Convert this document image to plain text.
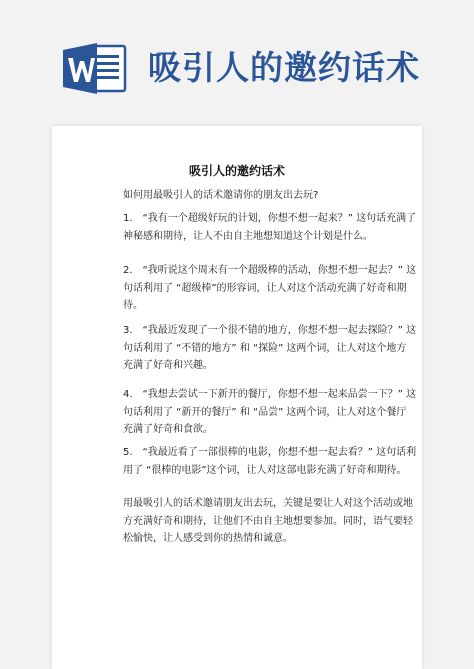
吸引人的邀约话术
吸引人的邀约话术

如何用最吸引人的话术邀请你的朋友出去玩?

1.　“我有一个超级好玩的计划，你想不想一起来？” 这句话充满了
神秘感和期待，让人不由自主地想知道这个计划是什么。

2.　“我听说这个周末有一个超级棒的活动，你想不想一起去？” 这
句话利用了 “超级棒”的形容词，让人对这个活动充满了好奇和期
待。

3.　“我最近发现了一个很不错的地方，你想不想一起去探险？” 这
句话利用了 “不错的地方” 和 “探险” 这两个词，让人对这个地方
充满了好奇和兴趣。

4.　“我想去尝试一下新开的餐厅，你想不想一起来品尝一下？” 这
句话利用了 “新开的餐厅” 和 “品尝” 这两个词，让人对这个餐厅
充满了好奇和食欲。

5.　“我最近看了一部很棒的电影，你想不想一起去看？” 这句话利
用了 “很棒的电影”这个词，让人对这部电影充满了好奇和期待。

用最吸引人的话术邀请朋友出去玩，关键是要让人对这个活动或地
方充满好奇和期待，让他们不由自主地想要参加。同时，语气要轻
松愉快，让人感受到你的热情和诚意。
